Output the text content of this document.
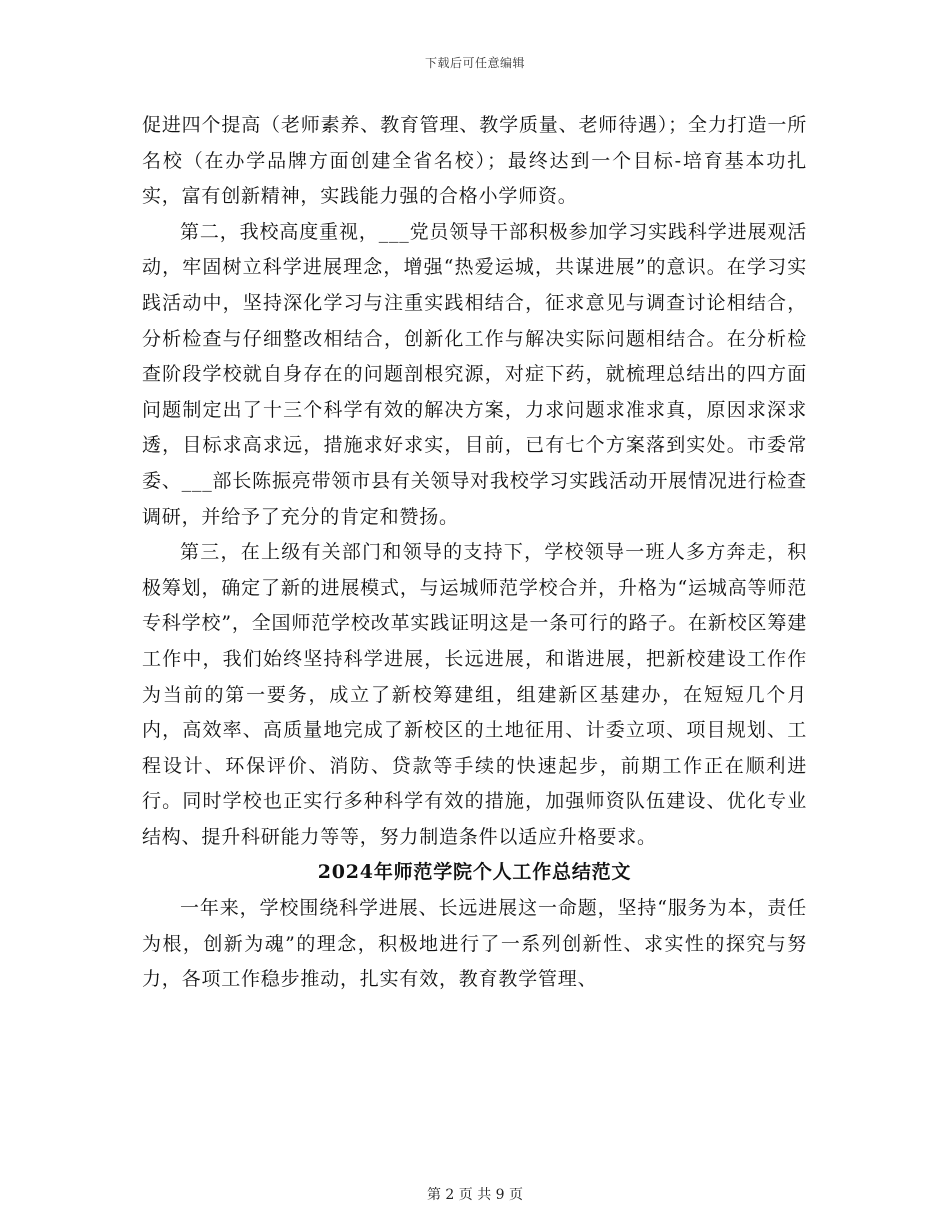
下载后可任意编辑

促进四个提高（老师素养、教育管理、教学质量、老师待遇）；全力打造一所名校（在办学品牌方面创建全省名校）；最终达到一个目标-培育基本功扎实，富有创新精神，实践能力强的合格小学师资。

第二，我校高度重视，___党员领导干部积极参加学习实践科学进展观活动，牢固树立科学进展理念，增强“热爱运城，共谋进展”的意识。在学习实践活动中，坚持深化学习与注重实践相结合，征求意见与调查讨论相结合，分析检查与仔细整改相结合，创新化工作与解决实际问题相结合。在分析检查阶段学校就自身存在的问题剖根究源，对症下药，就梳理总结出的四方面问题制定出了十三个科学有效的解决方案，力求问题求准求真，原因求深求透，目标求高求远，措施求好求实，目前，已有七个方案落到实处。市委常委、___部长陈振亮带领市县有关领导对我校学习实践活动开展情况进行检查调研，并给予了充分的肯定和赞扬。

第三，在上级有关部门和领导的支持下，学校领导一班人多方奔走，积极筹划，确定了新的进展模式，与运城师范学校合并，升格为“运城高等师范专科学校”，全国师范学校改革实践证明这是一条可行的路子。在新校区筹建工作中，我们始终坚持科学进展，长远进展，和谐进展，把新校建设工作作为当前的第一要务，成立了新校筹建组，组建新区基建办，在短短几个月内，高效率、高质量地完成了新校区的土地征用、计委立项、项目规划、工程设计、环保评价、消防、贷款等手续的快速起步，前期工作正在顺利进行。同时学校也正实行多种科学有效的措施，加强师资队伍建设、优化专业结构、提升科研能力等等，努力制造条件以适应升格要求。

2024年师范学院个人工作总结范文

一年来，学校围绕科学进展、长远进展这一命题，坚持“服务为本，责任为根，创新为魂”的理念，积极地进行了一系列创新性、求实性的探究与努力，各项工作稳步推动，扎实有效，教育教学管理、

第 2 页 共 9 页
